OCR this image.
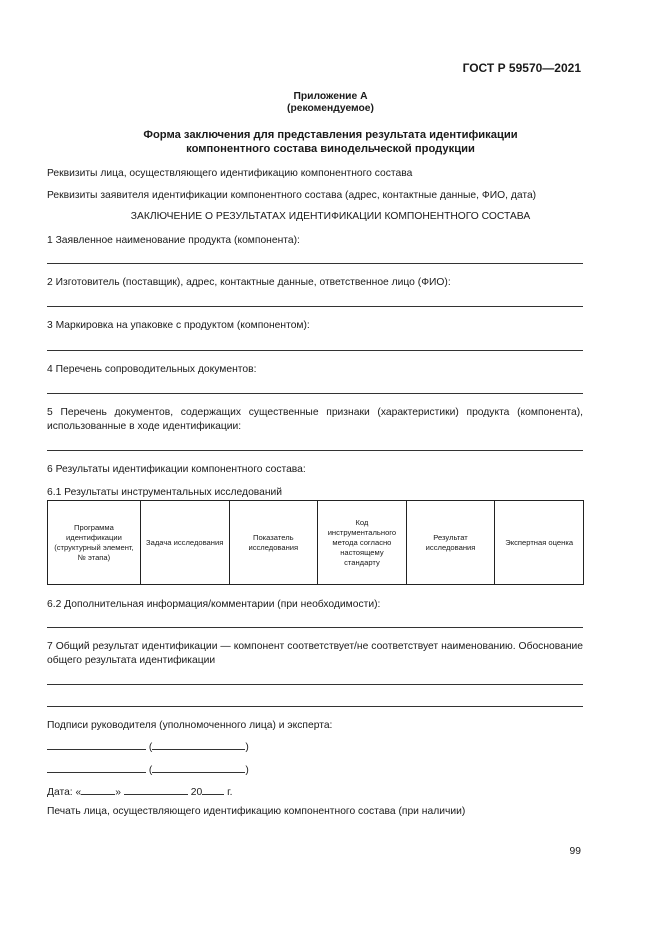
ГОСТ Р 59570—2021
Приложение А
(рекомендуемое)
Форма заключения для представления результата идентификации
компонентного состава винодельческой продукции
Реквизиты лица, осуществляющего идентификацию компонентного состава
Реквизиты заявителя идентификации компонентного состава (адрес, контактные данные, ФИО, дата)
ЗАКЛЮЧЕНИЕ О РЕЗУЛЬТАТАХ ИДЕНТИФИКАЦИИ КОМПОНЕНТНОГО СОСТАВА
1 Заявленное наименование продукта (компонента):
2 Изготовитель (поставщик), адрес, контактные данные, ответственное лицо (ФИО):
3 Маркировка на упаковке с продуктом (компонентом):
4 Перечень сопроводительных документов:
5 Перечень документов, содержащих существенные признаки (характеристики) продукта (компонента), использованные в ходе идентификации:
6 Результаты идентификации компонентного состава:
6.1 Результаты инструментальных исследований
Программа идентификации (структурный элемент, № этапа)	Задача исследования	Показатель исследования	Код инструментального метода согласно настоящему стандарту	Результат исследования	Экспертная оценка
6.2 Дополнительная информация/комментарии (при необходимости):
7 Общий результат идентификации — компонент соответствует/не соответствует наименованию. Обоснование общего результата идентификации
Подписи руководителя (уполномоченного лица) и эксперта:
(	)
(	)
Дата: «	»	20 г.
Печать лица, осуществляющего идентификацию компонентного состава (при наличии)
99
